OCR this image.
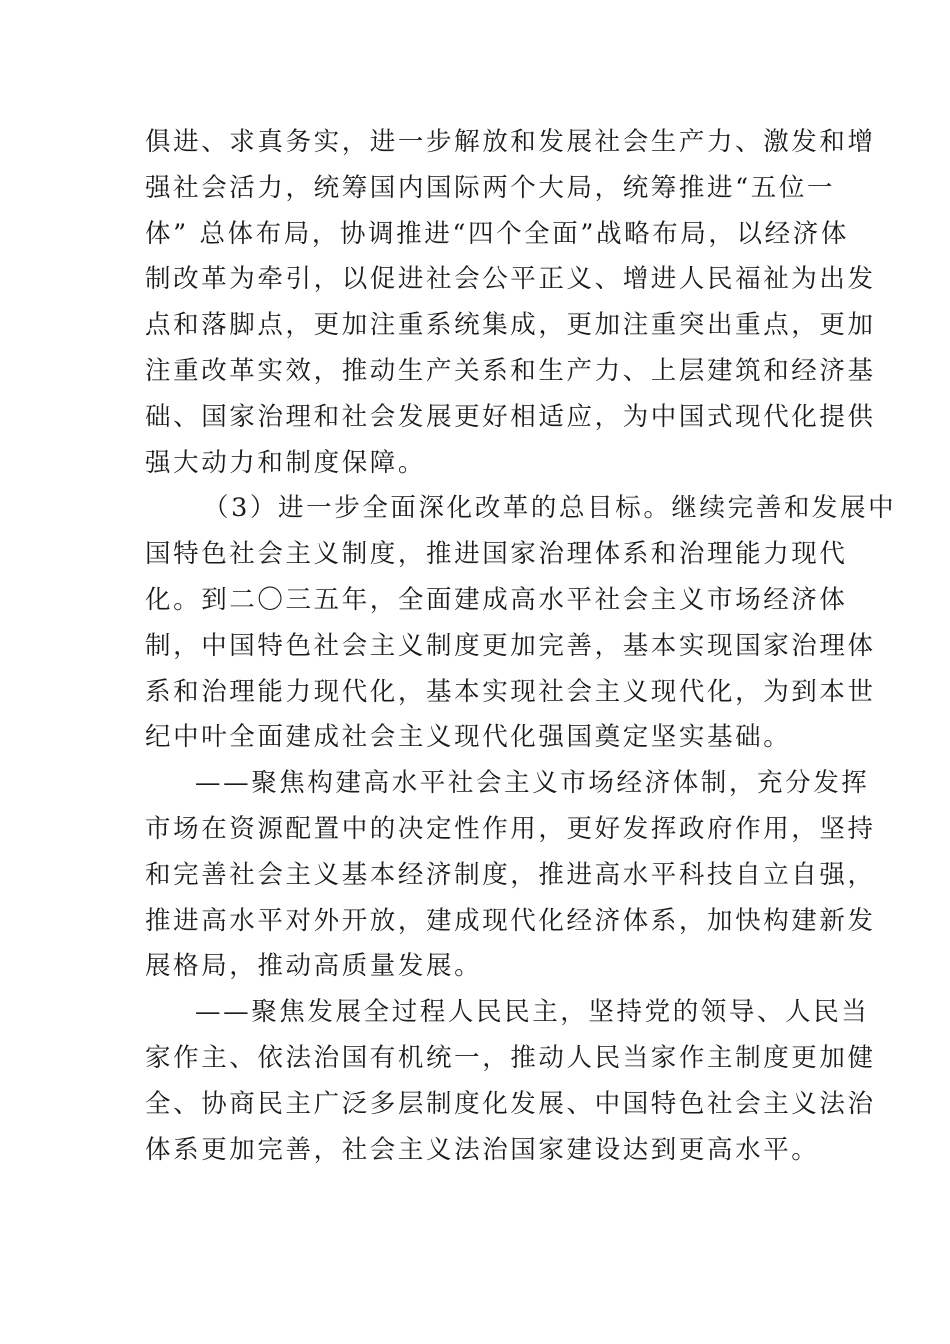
俱进、求真务实，进一步解放和发展社会生产力、激发和增
强社会活力，统筹国内国际两个大局，统筹推进“五位一
体” 总体布局，协调推进“四个全面”战略布局，以经济体
制改革为牵引，以促进社会公平正义、增进人民福祉为出发
点和落脚点，更加注重系统集成，更加注重突出重点，更加
注重改革实效，推动生产关系和生产力、上层建筑和经济基
础、国家治理和社会发展更好相适应，为中国式现代化提供
强大动力和制度保障。
（3）进一步全面深化改革的总目标。继续完善和发展中
国特色社会主义制度，推进国家治理体系和治理能力现代
化。到二〇三五年，全面建成高水平社会主义市场经济体
制，中国特色社会主义制度更加完善，基本实现国家治理体
系和治理能力现代化，基本实现社会主义现代化，为到本世
纪中叶全面建成社会主义现代化强国奠定坚实基础。
——聚焦构建高水平社会主义市场经济体制，充分发挥
市场在资源配置中的决定性作用，更好发挥政府作用，坚持
和完善社会主义基本经济制度，推进高水平科技自立自强，
推进高水平对外开放，建成现代化经济体系，加快构建新发
展格局，推动高质量发展。
——聚焦发展全过程人民民主，坚持党的领导、人民当
家作主、依法治国有机统一，推动人民当家作主制度更加健
全、协商民主广泛多层制度化发展、中国特色社会主义法治
体系更加完善，社会主义法治国家建设达到更高水平。
